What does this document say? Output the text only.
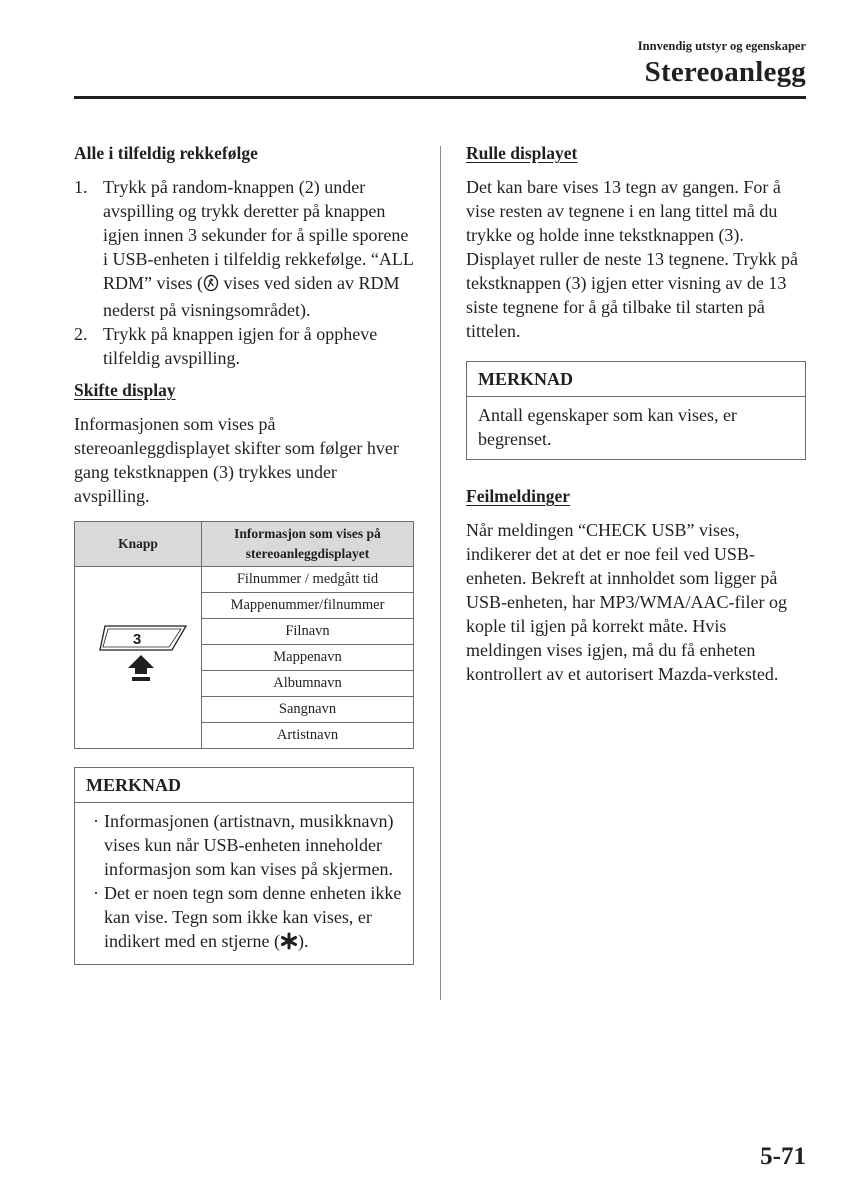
Innvendig utstyr og egenskaper
Stereoanlegg
Alle i tilfeldig rekkefølge
1. Trykk på random-knappen (2) under avspilling og trykk deretter på knappen igjen innen 3 sekunder for å spille sporene i USB-enheten i tilfeldig rekkefølge. “ALL RDM” vises ( vises ved siden av RDM nederst på visningsområdet).
2. Trykk på knappen igjen for å oppheve tilfeldig avspilling.
Skifte display
Informasjonen som vises på stereoanleggdisplayet skifter som følger hver gang tekstknappen (3) trykkes under avspilling.
Knapp	Informasjon som vises på stereoanleggdisplayet

3	Filnummer / medgått tid
	Mappenummer/filnummer
	Filnavn
	Mappenavn
	Albumnavn
	Sangnavn
	Artistnavn
MERKNAD
· Informasjonen (artistnavn, musikknavn) vises kun når USB-enheten inneholder informasjon som kan vises på skjermen.
· Det er noen tegn som denne enheten ikke kan vise. Tegn som ikke kan vises, er indikert med en stjerne ( ).
Rulle displayet
Det kan bare vises 13 tegn av gangen. For å vise resten av tegnene i en lang tittel må du trykke og holde inne tekstknappen (3). Displayet ruller de neste 13 tegnene. Trykk på tekstknappen (3) igjen etter visning av de 13 siste tegnene for å gå tilbake til starten på tittelen.
MERKNAD
Antall egenskaper som kan vises, er begrenset.
Feilmeldinger
Når meldingen “CHECK USB” vises, indikerer det at det er noe feil ved USB-enheten. Bekreft at innholdet som ligger på USB-enheten, har MP3/WMA/AAC-filer og kople til igjen på korrekt måte. Hvis meldingen vises igjen, må du få enheten kontrollert av et autorisert Mazda-verksted.
5-71
